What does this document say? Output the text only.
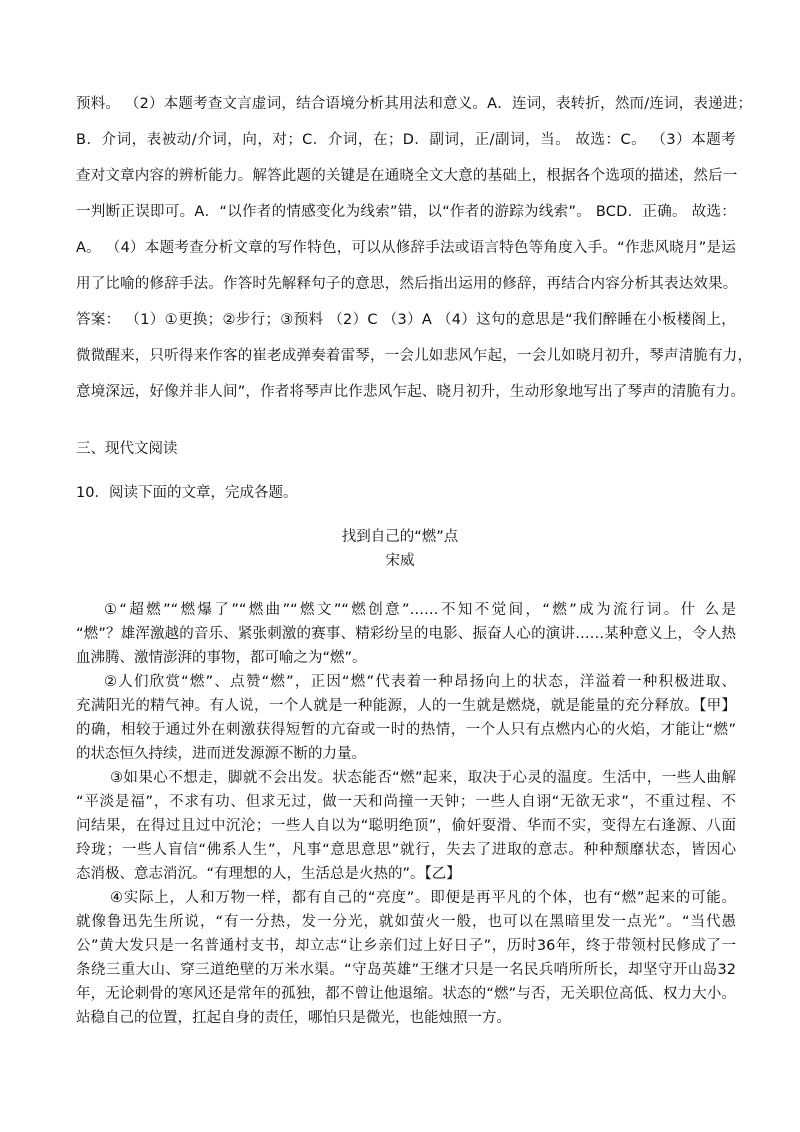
预料。 （2）本题考查文言虚词，结合语境分析其用法和意义。A．连词，表转折，然而/连词，表递进；
B．介词，表被动/介词，向，对；C．介词，在；D．副词，正/副词，当。 故选：C。 （3）本题考
查对文章内容的辨析能力。解答此题的关键是在通晓全文大意的基础上，根据各个选项的描述，然后一
一判断正误即可。A．“以作者的情感变化为线索”错，以“作者的游踪为线索”。 BCD．正确。 故选：
A。 （4）本题考查分析文章的写作特色，可以从修辞手法或语言特色等角度入手。“作悲风晓月”是运
用了比喻的修辞手法。作答时先解释句子的意思，然后指出运用的修辞，再结合内容分析其表达效果。
答案： （1）①更换；②步行；③预料 （2）C （3）A （4）这句的意思是“我们醉睡在小板楼阁上，
微微醒来，只听得来作客的崔老成弹奏着雷琴，一会儿如悲风乍起，一会儿如晓月初升，琴声清脆有力，
意境深远，好像并非人间”，作者将琴声比作悲风乍起、晓月初升，生动形象地写出了琴声的清脆有力。
三、现代文阅读
10．阅读下面的文章，完成各题。
找到自己的“燃”点
宋威
①“超燃”“燃爆了”“燃曲”“燃文”“燃创意”……不知不觉间，“燃”成为流行词。什 么是
“燃”？雄浑激越的音乐、紧张刺激的赛事、精彩纷呈的电影、振奋人心的演讲……某种意义上，令人热
血沸腾、激情澎湃的事物，都可喻之为“燃”。
②人们欣赏“燃”、点赞“燃”，正因“燃”代表着一种昂扬向上的状态，洋溢着一种积极进取、
充满阳光的精气神。有人说，一个人就是一种能源，人的一生就是燃烧，就是能量的充分释放。【甲】
的确，相较于通过外在刺激获得短暂的亢奋或一时的热情，一个人只有点燃内心的火焰，才能让“燃”
的状态恒久持续，进而迸发源源不断的力量。
③如果心不想走，脚就不会出发。状态能否“燃”起来，取决于心灵的温度。生活中，一些人曲解
“平淡是福”，不求有功、但求无过，做一天和尚撞一天钟；一些人自诩“无欲无求”，不重过程、不
问结果，在得过且过中沉沦；一些人自以为“聪明绝顶”，偷奸耍滑、华而不实，变得左右逢源、八面
玲珑；一些人盲信“佛系人生”，凡事“意思意思”就行，失去了进取的意志。种种颓靡状态，皆因心
态消极、意志消沉。“有理想的人，生活总是火热的”。【乙】
④实际上，人和万物一样，都有自己的“亮度”。即便是再平凡的个体，也有“燃”起来的可能。
就像鲁迅先生所说，“有一分热，发一分光，就如萤火一般，也可以在黑暗里发一点光”。“当代愚
公”黄大发只是一名普通村支书，却立志“让乡亲们过上好日子”，历时36年，终于带领村民修成了一
条绕三重大山、穿三道绝壁的万米水渠。“守岛英雄”王继才只是一名民兵哨所所长，却坚守开山岛32
年，无论刺骨的寒风还是常年的孤独，都不曾让他退缩。状态的“燃”与否，无关职位高低、权力大小。
站稳自己的位置，扛起自身的责任，哪怕只是微光，也能烛照一方。
